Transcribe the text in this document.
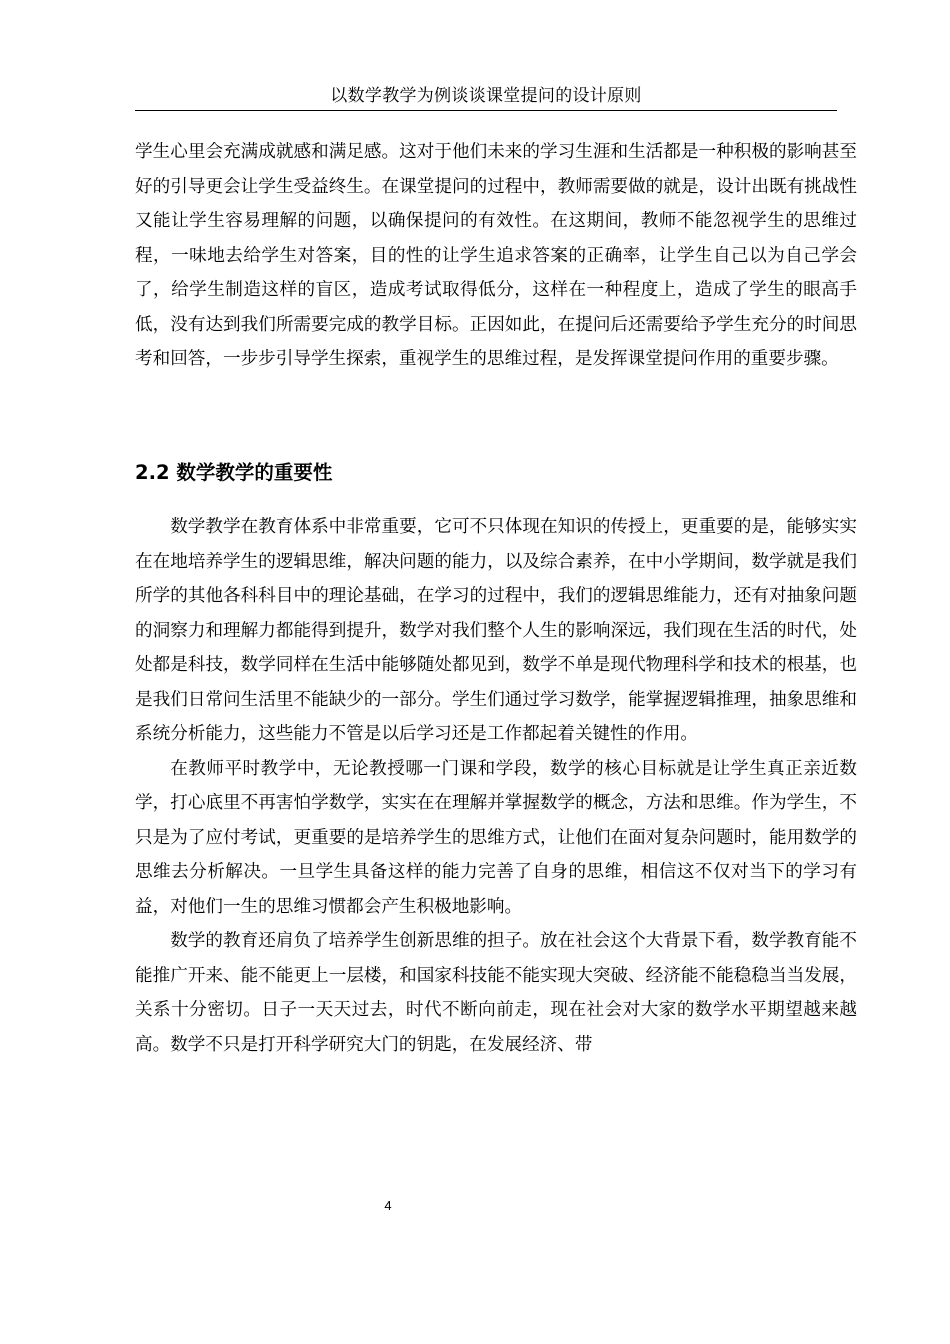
以数学教学为例谈谈课堂提问的设计原则

学生心里会充满成就感和满足感。这对于他们未来的学习生涯和生活都是一种积极的影响甚至好的引导更会让学生受益终生。在课堂提问的过程中，教师需要做的就是，设计出既有挑战性又能让学生容易理解的问题，以确保提问的有效性。在这期间，教师不能忽视学生的思维过程，一味地去给学生对答案，目的性的让学生追求答案的正确率，让学生自己以为自己学会了，给学生制造这样的盲区，造成考试取得低分，这样在一种程度上，造成了学生的眼高手低，没有达到我们所需要完成的教学目标。正因如此，在提问后还需要给予学生充分的时间思考和回答，一步步引导学生探索，重视学生的思维过程，是发挥课堂提问作用的重要步骤。

2.2 数学教学的重要性

数学教学在教育体系中非常重要，它可不只体现在知识的传授上，更重要的是，能够实实在在地培养学生的逻辑思维，解决问题的能力，以及综合素养，在中小学期间，数学就是我们所学的其他各科科目中的理论基础，在学习的过程中，我们的逻辑思维能力，还有对抽象问题的洞察力和理解力都能得到提升，数学对我们整个人生的影响深远，我们现在生活的时代，处处都是科技，数学同样在生活中能够随处都见到，数学不单是现代物理科学和技术的根基，也是我们日常问生活里不能缺少的一部分。学生们通过学习数学，能掌握逻辑推理，抽象思维和系统分析能力，这些能力不管是以后学习还是工作都起着关键性的作用。

在教师平时教学中，无论教授哪一门课和学段，数学的核心目标就是让学生真正亲近数学，打心底里不再害怕学数学，实实在在理解并掌握数学的概念，方法和思维。作为学生，不只是为了应付考试，更重要的是培养学生的思维方式，让他们在面对复杂问题时，能用数学的思维去分析解决。一旦学生具备这样的能力完善了自身的思维，相信这不仅对当下的学习有益，对他们一生的思维习惯都会产生积极地影响。

数学的教育还肩负了培养学生创新思维的担子。放在社会这个大背景下看，数学教育能不能推广开来、能不能更上一层楼，和国家科技能不能实现大突破、经济能不能稳稳当当发展，关系十分密切。日子一天天过去，时代不断向前走，现在社会对大家的数学水平期望越来越高。数学不只是打开科学研究大门的钥匙，在发展经济、带

4
